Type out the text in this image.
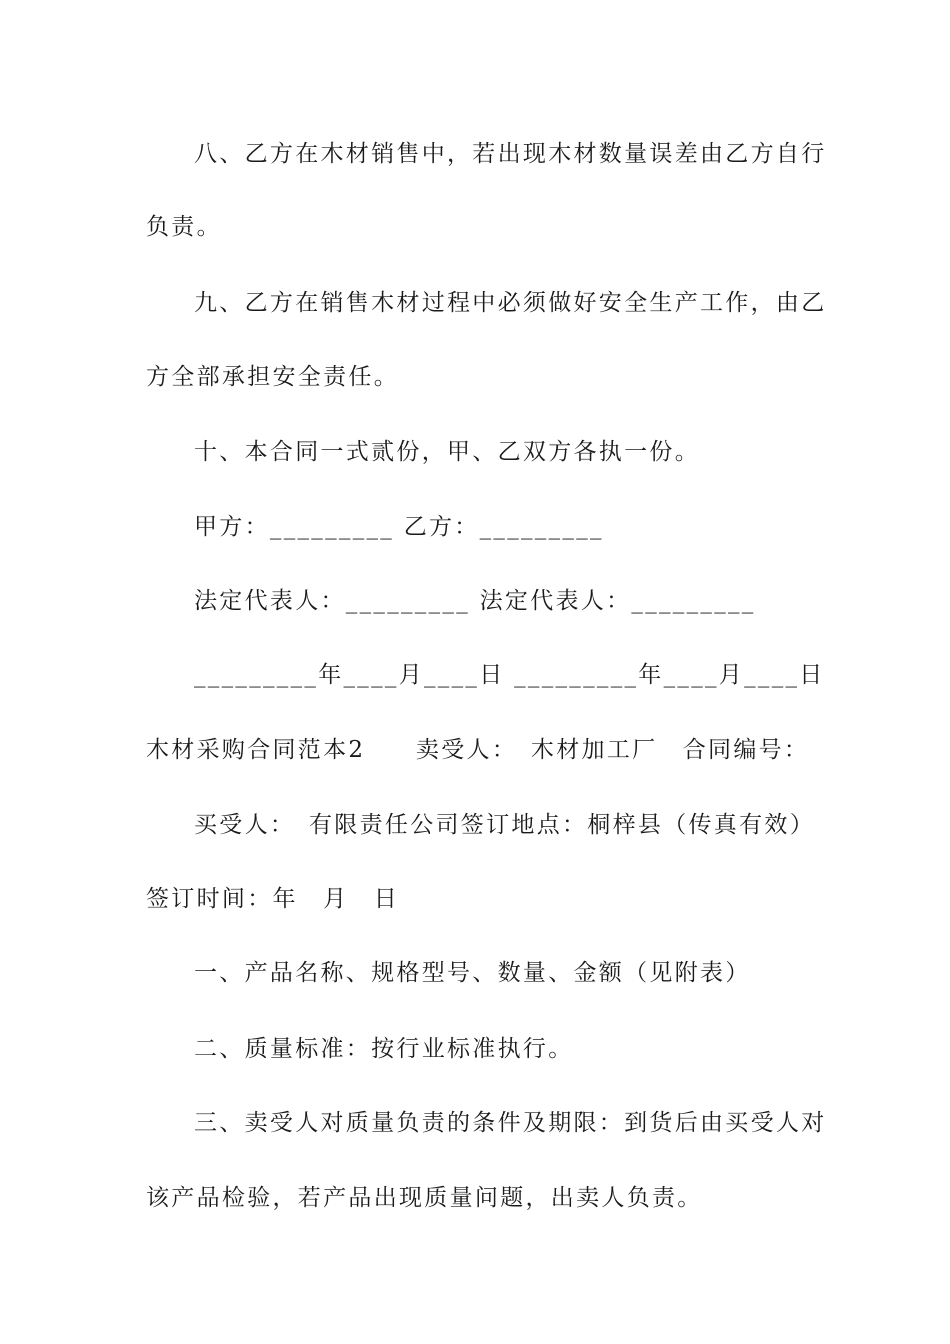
八、乙方在木材销售中，若出现木材数量误差由乙方自行
负责。
九、乙方在销售木材过程中必须做好安全生产工作，由乙
方全部承担安全责任。
十、本合同一式贰份，甲、乙双方各执一份。
甲方：_________ 乙方：_________
法定代表人：_________ 法定代表人：_________
_________年____月____日 _________年____月____日
木材采购合同范本2　　卖受人：　木材加工厂　合同编号：
买受人：　有限责任公司签订地点：桐梓县（传真有效）
签订时间：年　月　日
一、产品名称、规格型号、数量、金额（见附表）
二、质量标准：按行业标准执行。
三、卖受人对质量负责的条件及期限：到货后由买受人对
该产品检验，若产品出现质量问题，出卖人负责。
